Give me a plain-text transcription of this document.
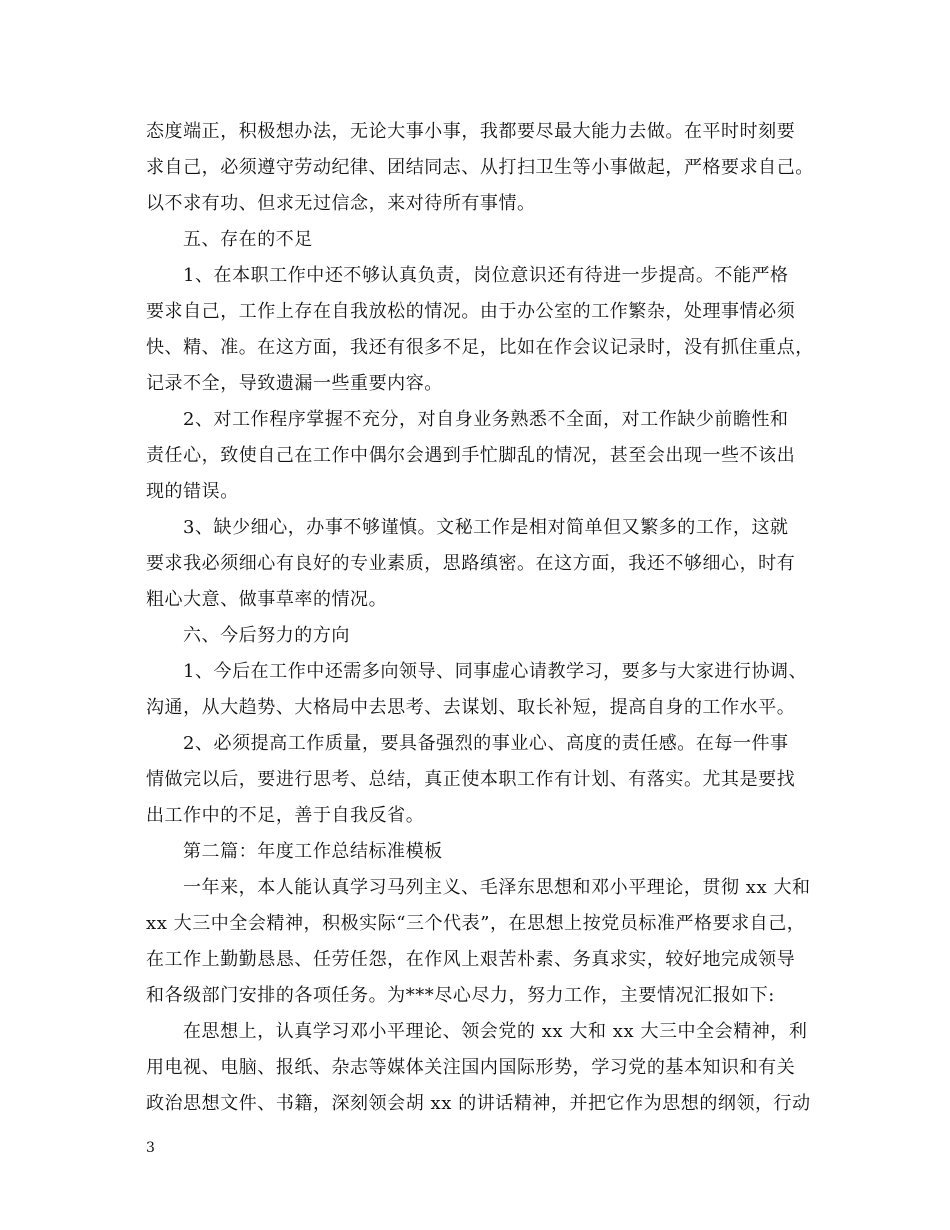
态度端正，积极想办法，无论大事小事，我都要尽最大能力去做。在平时时刻要
求自己，必须遵守劳动纪律、团结同志、从打扫卫生等小事做起，严格要求自己。
以不求有功、但求无过信念，来对待所有事情。
五、存在的不足
1、在本职工作中还不够认真负责，岗位意识还有待进一步提高。不能严格
要求自己，工作上存在自我放松的情况。由于办公室的工作繁杂，处理事情必须
快、精、准。在这方面，我还有很多不足，比如在作会议记录时，没有抓住重点，
记录不全，导致遗漏一些重要内容。
2、对工作程序掌握不充分，对自身业务熟悉不全面，对工作缺少前瞻性和
责任心，致使自己在工作中偶尔会遇到手忙脚乱的情况，甚至会出现一些不该出
现的错误。
3、缺少细心，办事不够谨慎。文秘工作是相对简单但又繁多的工作，这就
要求我必须细心有良好的专业素质，思路缜密。在这方面，我还不够细心，时有
粗心大意、做事草率的情况。
六、今后努力的方向
1、今后在工作中还需多向领导、同事虚心请教学习，要多与大家进行协调、
沟通，从大趋势、大格局中去思考、去谋划、取长补短，提高自身的工作水平。
2、必须提高工作质量，要具备强烈的事业心、高度的责任感。在每一件事
情做完以后，要进行思考、总结，真正使本职工作有计划、有落实。尤其是要找
出工作中的不足，善于自我反省。
第二篇：年度工作总结标准模板
一年来，本人能认真学习马列主义、毛泽东思想和邓小平理论，贯彻 xx 大和
xx 大三中全会精神，积极实际“三个代表”，在思想上按党员标准严格要求自己，
在工作上勤勤恳恳、任劳任怨，在作风上艰苦朴素、务真求实，较好地完成领导
和各级部门安排的各项任务。为***尽心尽力，努力工作，主要情况汇报如下:
在思想上，认真学习邓小平理论、领会党的 xx 大和 xx 大三中全会精神，利
用电视、电脑、报纸、杂志等媒体关注国内国际形势，学习党的基本知识和有关
政治思想文件、书籍，深刻领会胡 xx 的讲话精神，并把它作为思想的纲领，行动
3
